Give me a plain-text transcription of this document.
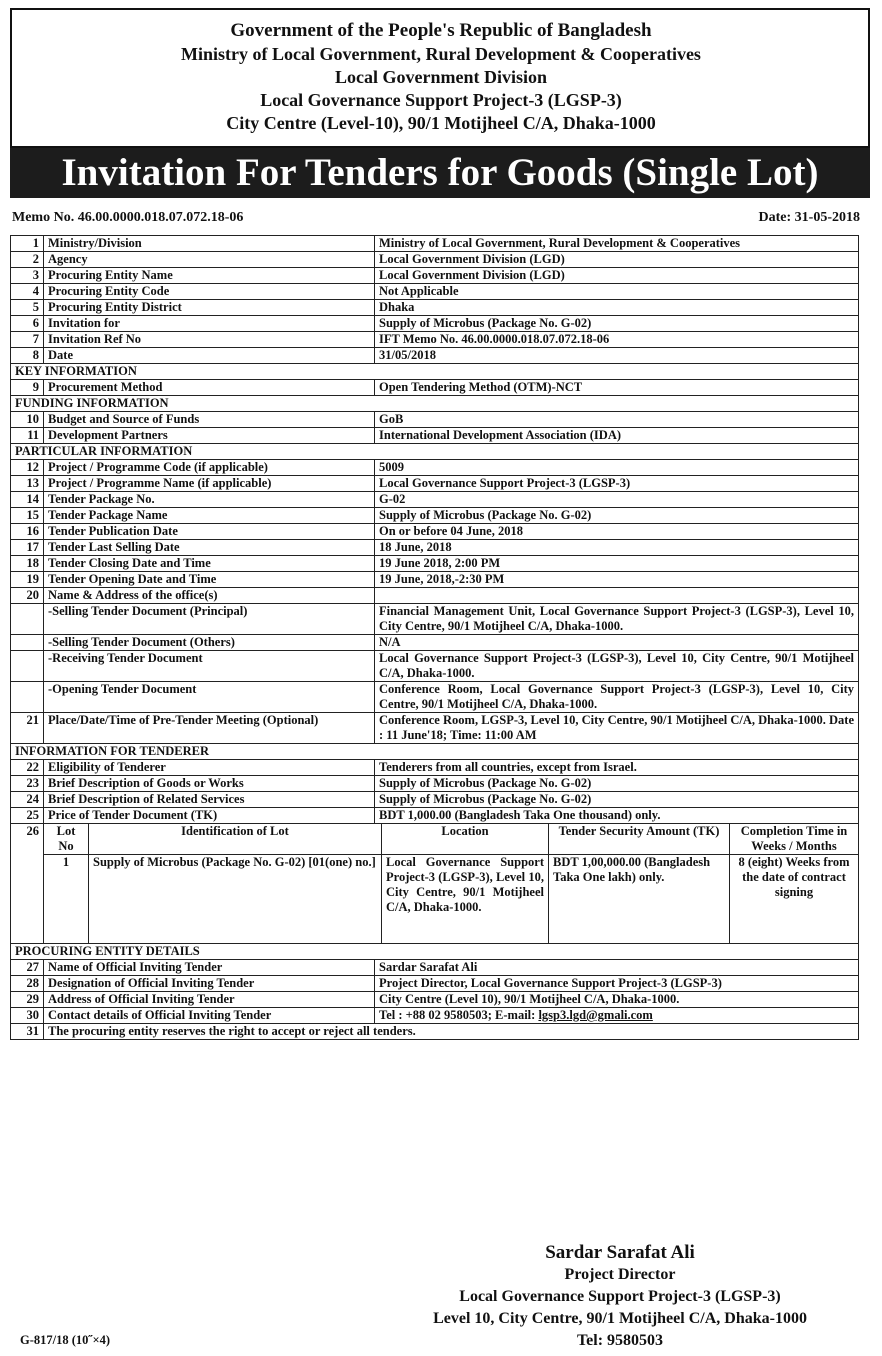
Government of the People's Republic of Bangladesh
Ministry of Local Government, Rural Development & Cooperatives
Local Government Division
Local Governance Support Project-3 (LGSP-3)
City Centre (Level-10), 90/1 Motijheel C/A, Dhaka-1000
Invitation For Tenders for Goods (Single Lot)
Memo No. 46.00.0000.018.07.072.18-06	Date: 31-05-2018
1	Ministry/Division	Ministry of Local Government, Rural Development & Cooperatives
2	Agency	Local Government Division (LGD)
3	Procuring Entity Name	Local Government Division (LGD)
4	Procuring Entity Code	Not Applicable
5	Procuring Entity District	Dhaka
6	Invitation for	Supply of Microbus (Package No. G-02)
7	Invitation Ref No	IFT Memo No. 46.00.0000.018.07.072.18-06
8	Date	31/05/2018
KEY INFORMATION
9	Procurement Method	Open Tendering Method (OTM)-NCT
FUNDING INFORMATION
10	Budget and Source of Funds	GoB
11	Development Partners	International Development Association (IDA)
PARTICULAR INFORMATION
12	Project / Programme Code (if applicable)	5009
13	Project / Programme Name (if applicable)	Local Governance Support Project-3 (LGSP-3)
14	Tender Package No.	G-02
15	Tender Package Name	Supply of Microbus (Package No. G-02)
16	Tender Publication Date	On or before 04 June, 2018
17	Tender Last Selling Date	18 June, 2018
18	Tender Closing Date and Time	19 June 2018, 2:00 PM
19	Tender Opening Date and Time	19 June, 2018,-2:30 PM
20	Name & Address of the office(s)	
	-Selling Tender Document (Principal)	Financial Management Unit, Local Governance Support Project-3 (LGSP-3), Level 10, City Centre, 90/1 Motijheel C/A, Dhaka-1000.
	-Selling Tender Document (Others)	N/A
	-Receiving Tender Document	Local Governance Support Project-3 (LGSP-3), Level 10, City Centre, 90/1 Motijheel C/A, Dhaka-1000.
	-Opening Tender Document	Conference Room, Local Governance Support Project-3 (LGSP-3), Level 10, City Centre, 90/1 Motijheel C/A, Dhaka-1000.
21	Place/Date/Time of Pre-Tender Meeting (Optional)	Conference Room, LGSP-3, Level 10, City Centre, 90/1 Motijheel C/A, Dhaka-1000. Date : 11 June'18; Time: 11:00 AM
INFORMATION FOR TENDERER
22	Eligibility of Tenderer	Tenderers from all countries, except from Israel.
23	Brief Description of Goods or Works	Supply of Microbus (Package No. G-02)
24	Brief Description of Related Services	Supply of Microbus (Package No. G-02)
25	Price of Tender Document (TK)	BDT 1,000.00 (Bangladesh Taka One thousand) only.
26	Lot No	Identification of Lot	Location	Tender Security Amount (TK)	Completion Time in Weeks / Months
1	Supply of Microbus (Package No. G-02) [01(one) no.]	Local Governance Support Project-3 (LGSP-3), Level 10, City Centre, 90/1 Motijheel C/A, Dhaka-1000.	BDT 1,00,000.00 (Bangladesh Taka One lakh) only.	8 (eight) Weeks from the date of contract signing

PROCURING ENTITY DETAILS
27	Name of Official Inviting Tender	Sardar Sarafat Ali
28	Designation of Official Inviting Tender	Project Director, Local Governance Support Project-3 (LGSP-3)
29	Address of Official Inviting Tender	City Centre (Level 10), 90/1 Motijheel C/A, Dhaka-1000.
30	Contact details of Official Inviting Tender	Tel : +88 02 9580503; E-mail: lgsp3.lgd@gmali.com
31	The procuring entity reserves the right to accept or reject all tenders.
Sardar Sarafat Ali
Project Director
Local Governance Support Project-3 (LGSP-3)
Level 10, City Centre, 90/1 Motijheel C/A, Dhaka-1000
Tel: 9580503
G-817/18 (10˝×4)
